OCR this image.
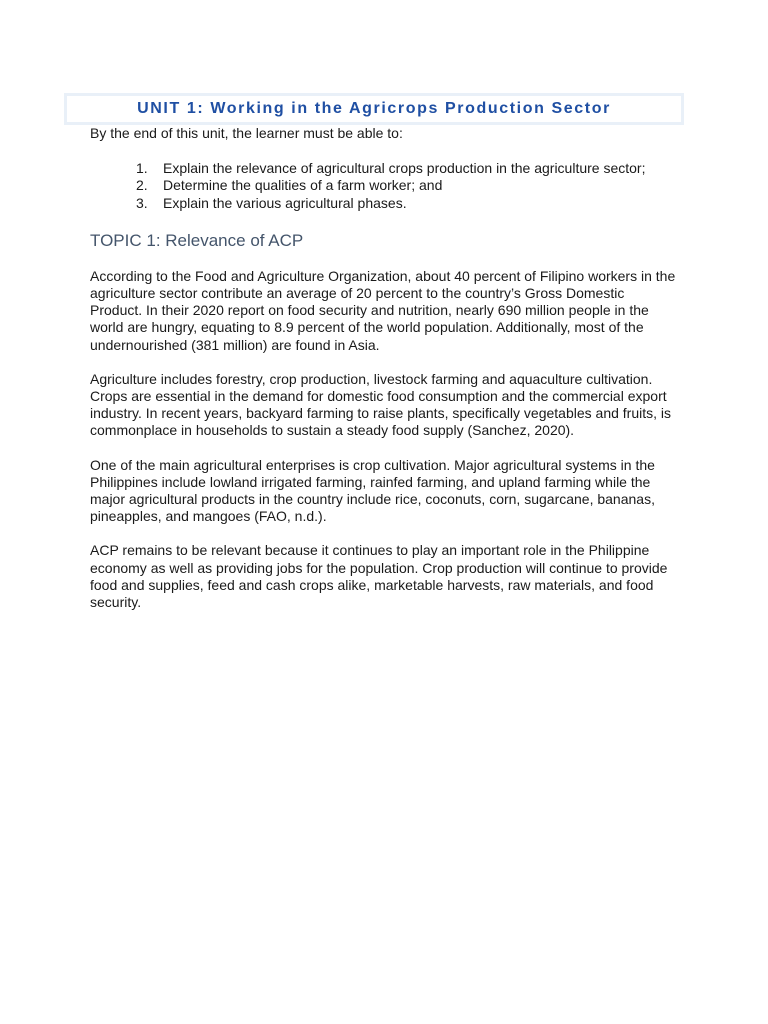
UNIT 1: Working in the Agricrops Production Sector

By the end of this unit, the learner must be able to:

1.	Explain the relevance of agricultural crops production in the agriculture sector;
2.	Determine the qualities of a farm worker; and
3.	Explain the various agricultural phases.
TOPIC 1: Relevance of ACP

According to the Food and Agriculture Organization, about 40 percent of Filipino workers in the agriculture sector contribute an average of 20 percent to the country’s Gross Domestic Product. In their 2020 report on food security and nutrition, nearly 690 million people in the world are hungry, equating to 8.9 percent of the world population. Additionally, most of the undernourished (381 million) are found in Asia.

Agriculture includes forestry, crop production, livestock farming and aquaculture cultivation. Crops are essential in the demand for domestic food consumption and the commercial export industry. In recent years, backyard farming to raise plants, specifically vegetables and fruits, is commonplace in households to sustain a steady food supply (Sanchez, 2020).

One of the main agricultural enterprises is crop cultivation. Major agricultural systems in the Philippines include lowland irrigated farming, rainfed farming, and upland farming while the major agricultural products in the country include rice, coconuts, corn, sugarcane, bananas, pineapples, and mangoes (FAO, n.d.).

ACP remains to be relevant because it continues to play an important role in the Philippine economy as well as providing jobs for the population. Crop production will continue to provide food and supplies, feed and cash crops alike, marketable harvests, raw materials, and food security.
